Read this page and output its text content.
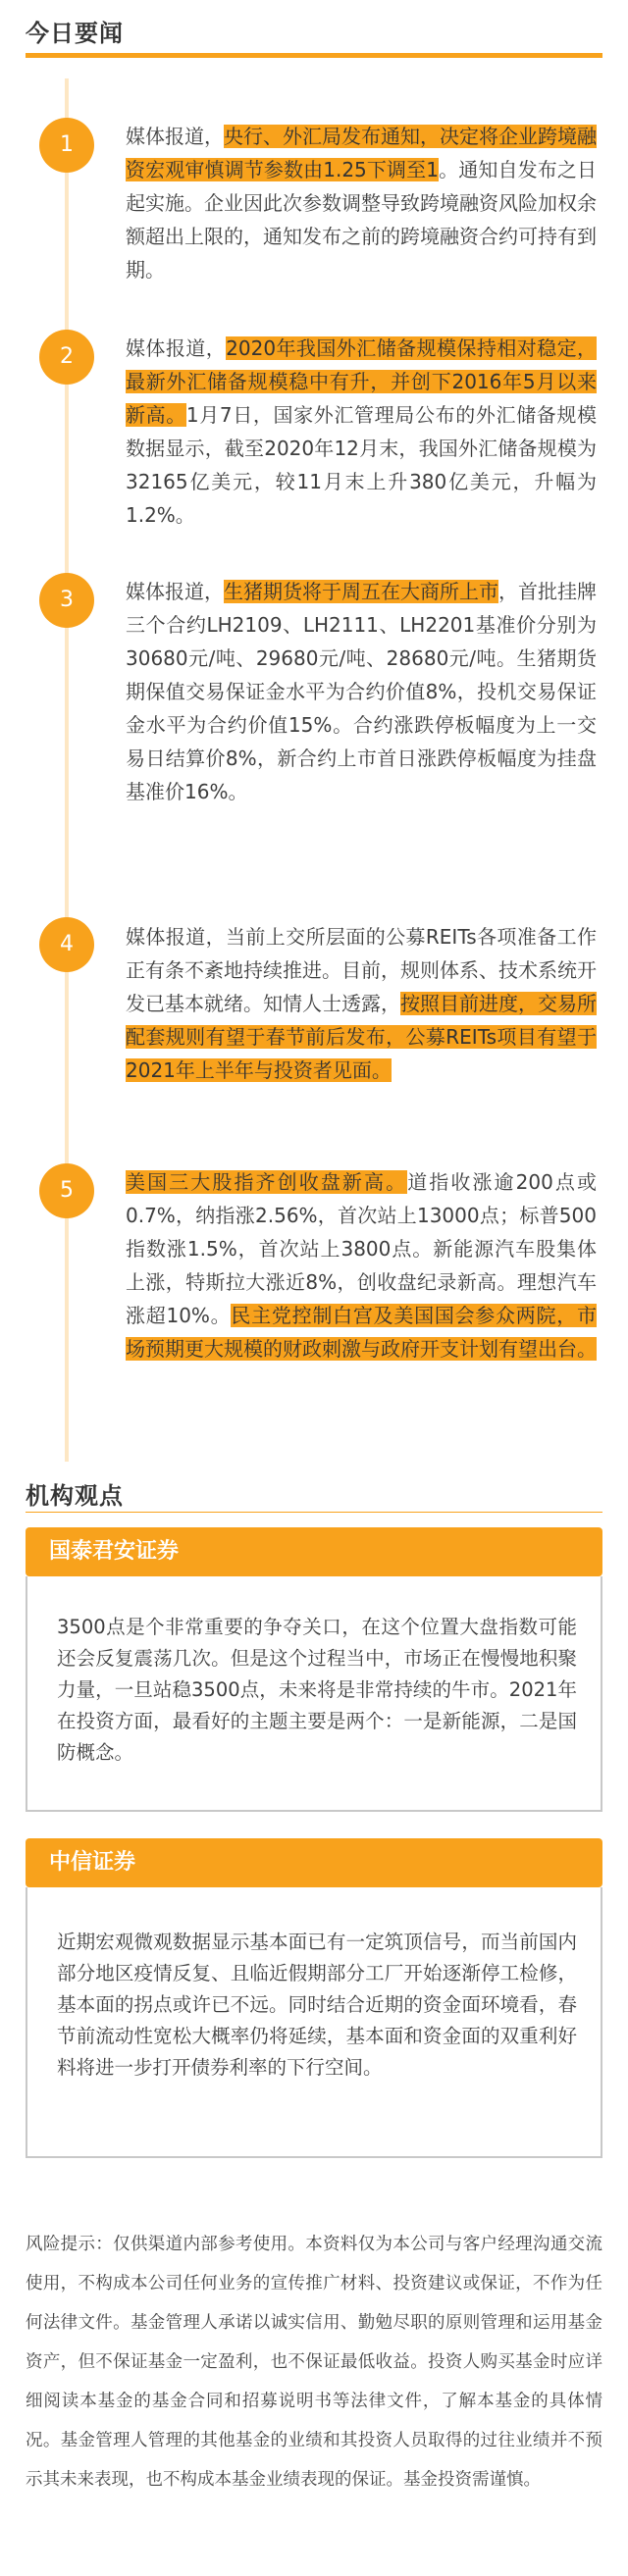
今日要闻
1	媒体报道，央行、外汇局发布通知，决定将企业跨境融资宏观审慎调节参数由1.25下调至1。通知自发布之日起实施。企业因此次参数调整导致跨境融资风险加权余额超出上限的，通知发布之前的跨境融资合约可持有到期。

2	媒体报道，2020年我国外汇储备规模保持相对稳定，最新外汇储备规模稳中有升，并创下2016年5月以来新高。1月7日，国家外汇管理局公布的外汇储备规模数据显示，截至2020年12月末，我国外汇储备规模为32165亿美元，较11月末上升380亿美元，升幅为1.2%。

3	媒体报道，生猪期货将于周五在大商所上市，首批挂牌三个合约LH2109、LH2111、LH2201基准价分别为30680元/吨、29680元/吨、28680元/吨。生猪期货期保值交易保证金水平为合约价值8%，投机交易保证金水平为合约价值15%。合约涨跌停板幅度为上一交易日结算价8%，新合约上市首日涨跌停板幅度为挂盘基准价16%。

4	媒体报道，当前上交所层面的公募REITs各项准备工作正有条不紊地持续推进。目前，规则体系、技术系统开发已基本就绪。知情人士透露，按照目前进度，交易所配套规则有望于春节前后发布，公募REITs项目有望于2021年上半年与投资者见面。

5	美国三大股指齐创收盘新高。道指收涨逾200点或0.7%，纳指涨2.56%，首次站上13000点；标普500指数涨1.5%，首次站上3800点。新能源汽车股集体上涨，特斯拉大涨近8%，创收盘纪录新高。理想汽车涨超10%。民主党控制白宫及美国国会参众两院，市场预期更大规模的财政刺激与政府开支计划有望出台。

机构观点
国泰君安证券

3500点是个非常重要的争夺关口，在这个位置大盘指数可能还会反复震荡几次。但是这个过程当中，市场正在慢慢地积聚力量，一旦站稳3500点，未来将是非常持续的牛市。2021年在投资方面，最看好的主题主要是两个：一是新能源，二是国防概念。

中信证券

近期宏观微观数据显示基本面已有一定筑顶信号，而当前国内部分地区疫情反复、且临近假期部分工厂开始逐渐停工检修，基本面的拐点或许已不远。同时结合近期的资金面环境看，春节前流动性宽松大概率仍将延续，基本面和资金面的双重利好料将进一步打开债券利率的下行空间。

风险提示：仅供渠道内部参考使用。本资料仅为本公司与客户经理沟通交流使用，不构成本公司任何业务的宣传推广材料、投资建议或保证，不作为任何法律文件。基金管理人承诺以诚实信用、勤勉尽职的原则管理和运用基金资产，但不保证基金一定盈利，也不保证最低收益。投资人购买基金时应详细阅读本基金的基金合同和招募说明书等法律文件，了解本基金的具体情况。基金管理人管理的其他基金的业绩和其投资人员取得的过往业绩并不预示其未来表现，也不构成本基金业绩表现的保证。基金投资需谨慎。
